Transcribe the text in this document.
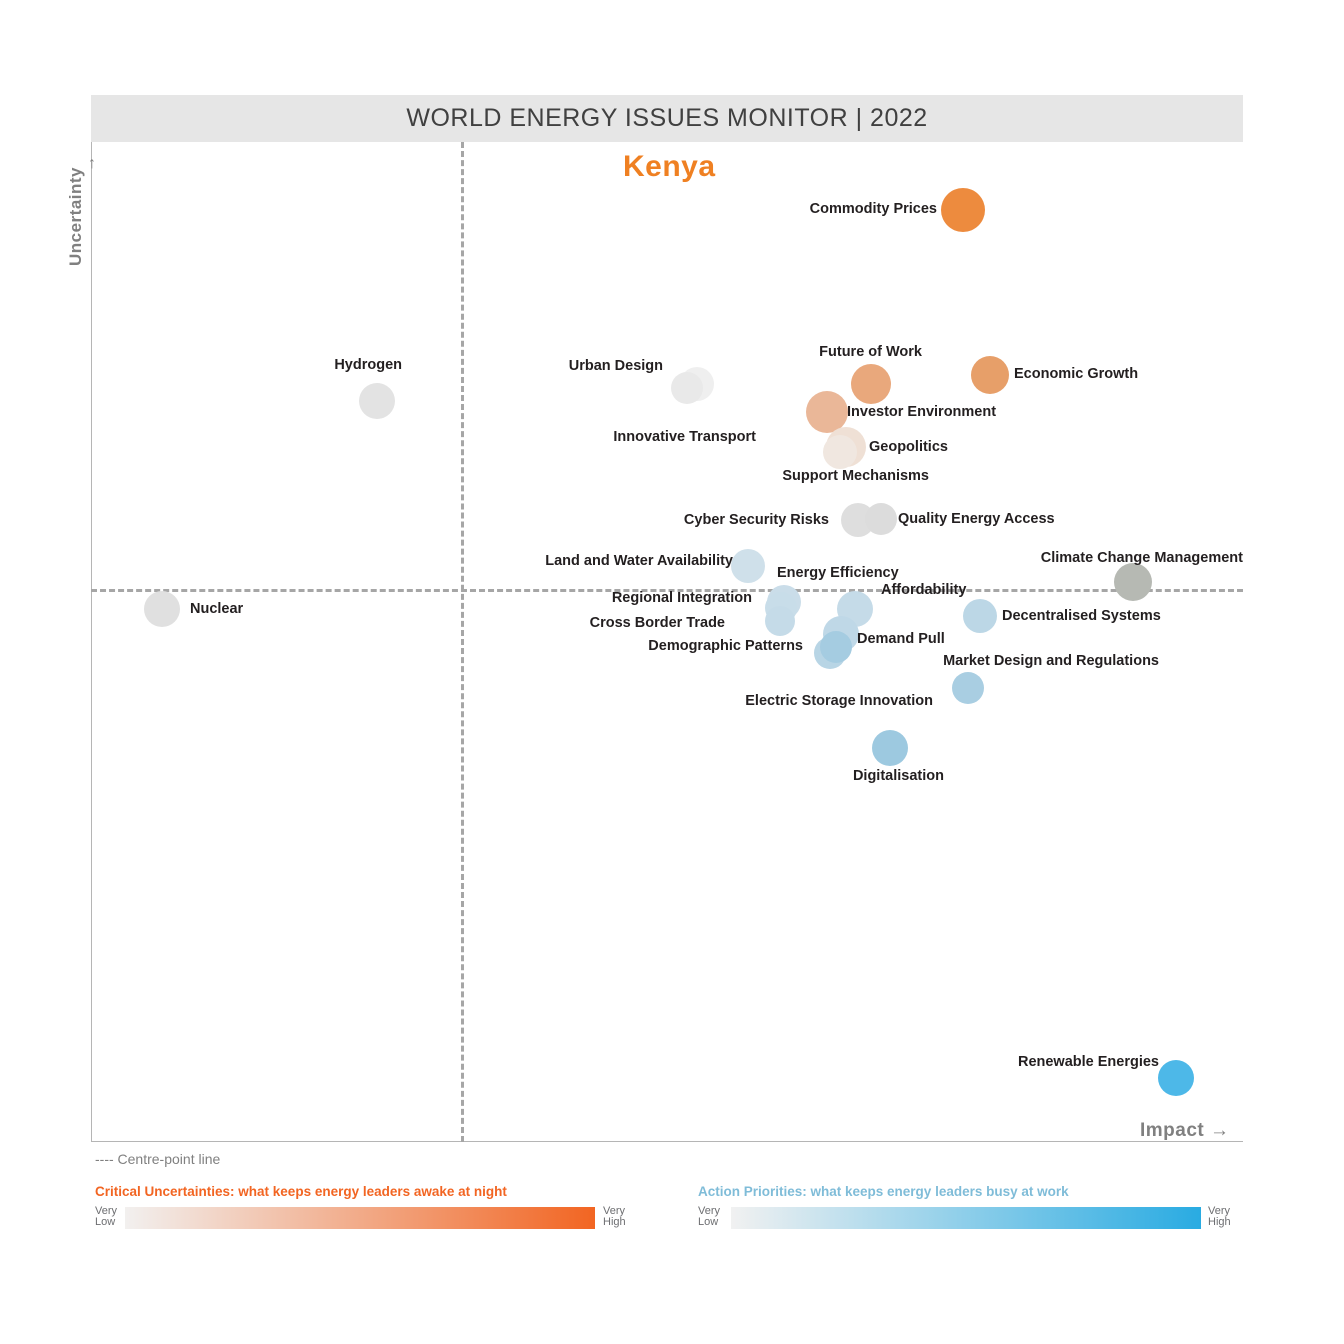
WORLD ENERGY ISSUES MONITOR | 2022
↑
Uncertainty
Impact →
Kenya
Commodity Prices
Economic Growth
Future of Work
Investor Environment
Geopolitics
Support Mechanisms
Urban Design
Innovative Transport
Hydrogen
Nuclear
Cyber Security Risks	Quality Energy Access
Climate Change Management
Land and Water Availability
Energy Efficiency
Affordability
Regional Integration
Cross Border Trade
Demand Pull
Decentralised Systems
Demographic Patterns
Market Design and Regulations
Electric Storage Innovation
Digitalisation
Renewable Energies
---- Centre-point line
Critical Uncertainties: what keeps energy leaders awake at night
Very
Low
Very
High
Action Priorities: what keeps energy leaders busy at work
Very
Low
Very
High
